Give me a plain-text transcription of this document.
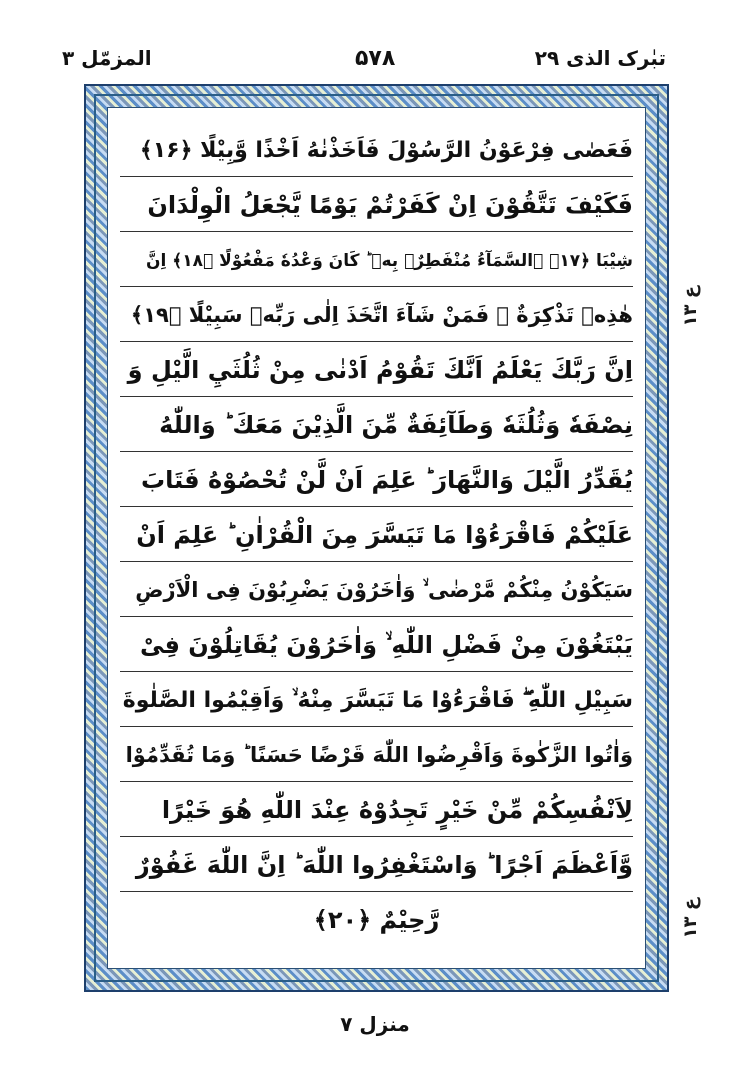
تبٰرک الذی ۲۹
۵۷۸
المزمّل ۳
فَعَصٰى فِرْعَوْنُ الرَّسُوْلَ فَاَخَذْنٰهُ اَخْذًا وَّبِيْلًا ﴿۱۶﴾
فَكَيْفَ تَتَّقُوْنَ اِنْ كَفَرْتُمْ يَوْمًا يَّجْعَلُ الْوِلْدَانَ
شِيْبَا ﴿۱۷﴾ ۨالسَّمَآءُ مُنْفَطِرٌۢ بِهٖ ؕ كَانَ وَعْدُهٗ مَفْعُوْلًا ﴿۱۸﴾ اِنَّ
هٰذِهٖ تَذْكِرَةٌ ۚ فَمَنْ شَآءَ اتَّخَذَ اِلٰى رَبِّهٖ سَبِيْلًا ﴿۱۹﴾
اِنَّ رَبَّكَ يَعْلَمُ اَنَّكَ تَقُوْمُ اَدْنٰى مِنْ ثُلُثَيِ الَّيْلِ وَ
نِصْفَهٗ وَثُلُثَهٗ وَطَآئِفَةٌ مِّنَ الَّذِيْنَ مَعَكَ ؕ وَاللّٰهُ
يُقَدِّرُ الَّيْلَ وَالنَّهَارَ ؕ عَلِمَ اَنْ لَّنْ تُحْصُوْهُ فَتَابَ
عَلَيْكُمْ فَاقْرَءُوْا مَا تَيَسَّرَ مِنَ الْقُرْاٰنِ ؕ عَلِمَ اَنْ
سَيَكُوْنُ مِنْكُمْ مَّرْضٰى ۙ وَاٰخَرُوْنَ يَضْرِبُوْنَ فِى الْاَرْضِ
يَبْتَغُوْنَ مِنْ فَضْلِ اللّٰهِ ۙ وَاٰخَرُوْنَ يُقَاتِلُوْنَ فِىْ
سَبِيْلِ اللّٰهِ ۖ فَاقْرَءُوْا مَا تَيَسَّرَ مِنْهُ ۙ وَاَقِيْمُوا الصَّلٰوةَ
وَاٰتُوا الزَّكٰوةَ وَاَقْرِضُوا اللّٰهَ قَرْضًا حَسَنًا ؕ وَمَا تُقَدِّمُوْا
لِاَنْفُسِكُمْ مِّنْ خَيْرٍ تَجِدُوْهُ عِنْدَ اللّٰهِ هُوَ خَيْرًا
وَّاَعْظَمَ اَجْرًا ؕ وَاسْتَغْفِرُوا اللّٰهَ ؕ اِنَّ اللّٰهَ غَفُوْرٌ
رَّحِيْمٌ ﴿۲۰﴾
ع ۱۳
ع ۱۳
منزل ۷
